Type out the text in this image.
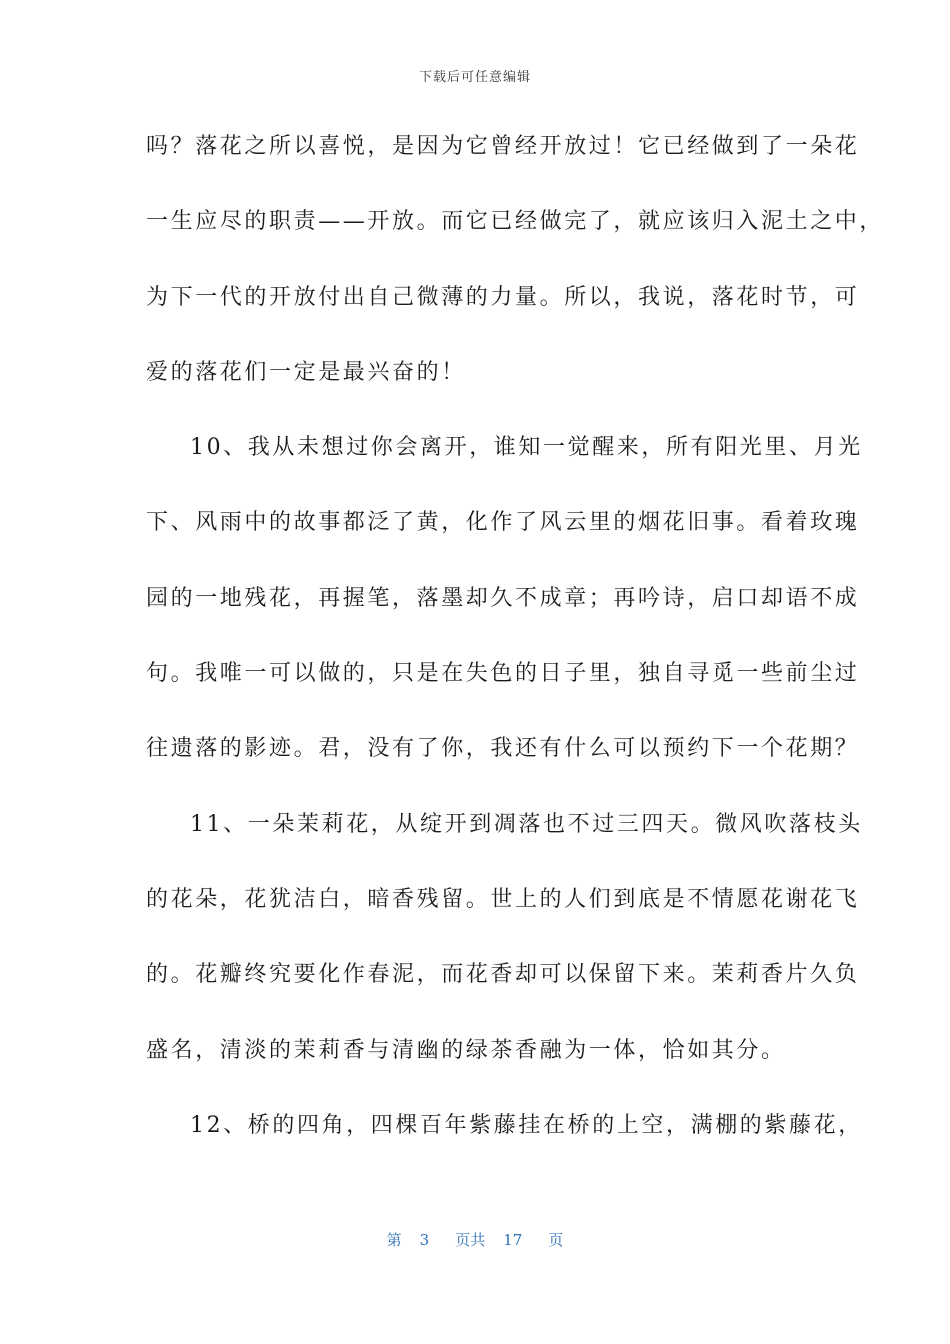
下载后可任意编辑
吗？落花之所以喜悦，是因为它曾经开放过！它已经做到了一朵花
一生应尽的职责——开放。而它已经做完了，就应该归入泥土之中，
为下一代的开放付出自己微薄的力量。所以，我说，落花时节，可
爱的落花们一定是最兴奋的！
10、我从未想过你会离开，谁知一觉醒来，所有阳光里、月光
下、风雨中的故事都泛了黄，化作了风云里的烟花旧事。看着玫瑰
园的一地残花，再握笔，落墨却久不成章；再吟诗，启口却语不成
句。我唯一可以做的，只是在失色的日子里，独自寻觅一些前尘过
往遗落的影迹。君，没有了你，我还有什么可以预约下一个花期？
11、一朵茉莉花，从绽开到凋落也不过三四天。微风吹落枝头
的花朵，花犹洁白，暗香残留。世上的人们到底是不情愿花谢花飞
的。花瓣终究要化作春泥，而花香却可以保留下来。茉莉香片久负
盛名，清淡的茉莉香与清幽的绿茶香融为一体，恰如其分。
12、桥的四角，四棵百年紫藤挂在桥的上空，满棚的紫藤花，
第 3 页共 17 页
